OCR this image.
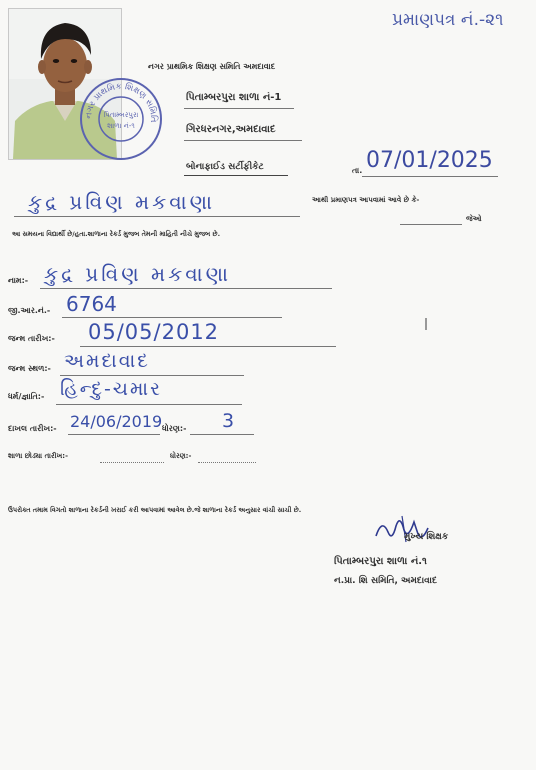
પ્રમાણપત્ર નં.-૨૧
નગર પ્રાથમિક શિક્ષણ સમિતિ
પિતામ્બરપુરા
શાળા નં-૧
નગર પ્રાથમિક શિક્ષણ સમિતિ અમદાવાદ
પિતામ્બરપુરા શાળા નં-1
ગિરધરનગર,અમદાવાદ
બોનાફાઈડ સર્ટીફીકેટ	તા. 07/01/2025
કુદ્ર પ્રવિણ મકવાણા	આથી પ્રમાણપત્ર આપવામાં આવે છે કે-
જેઓ
આ સમયના વિદ્યાર્થી છે/હતા.શાળાના રેકર્ડ મુજબ તેમની માહિતી નીચે મુજબ છે.
નામ:- કુદ્ર પ્રવિણ મકવાણા
જી.આર.નં.- 6764
જન્મ તારીખ:- 05/05/2012
જન્મ સ્થળ:- અમદાવાદ
ધર્મ/જ્ઞાતિ:- હિન્દુ-ચમાર
દાખલ તારીખ:- 24/06/2019 ધોરણ:- 3
શાળા છોડ્યા તારીખ:-	ધોરણ:-
ઉપરોક્ત તમામ વિગતો શાળાના રેકર્ડની ખરાઈ કરી આપવામાં આવેલ છે.જે શાળાના રેકર્ડ અનુસાર વાંચી સાચી છે.
મુખ્ય શિક્ષક
પિતામ્બરપુરા શાળા નં.૧
ન.પ્રા. શિ સમિતિ, અમદાવાદ
